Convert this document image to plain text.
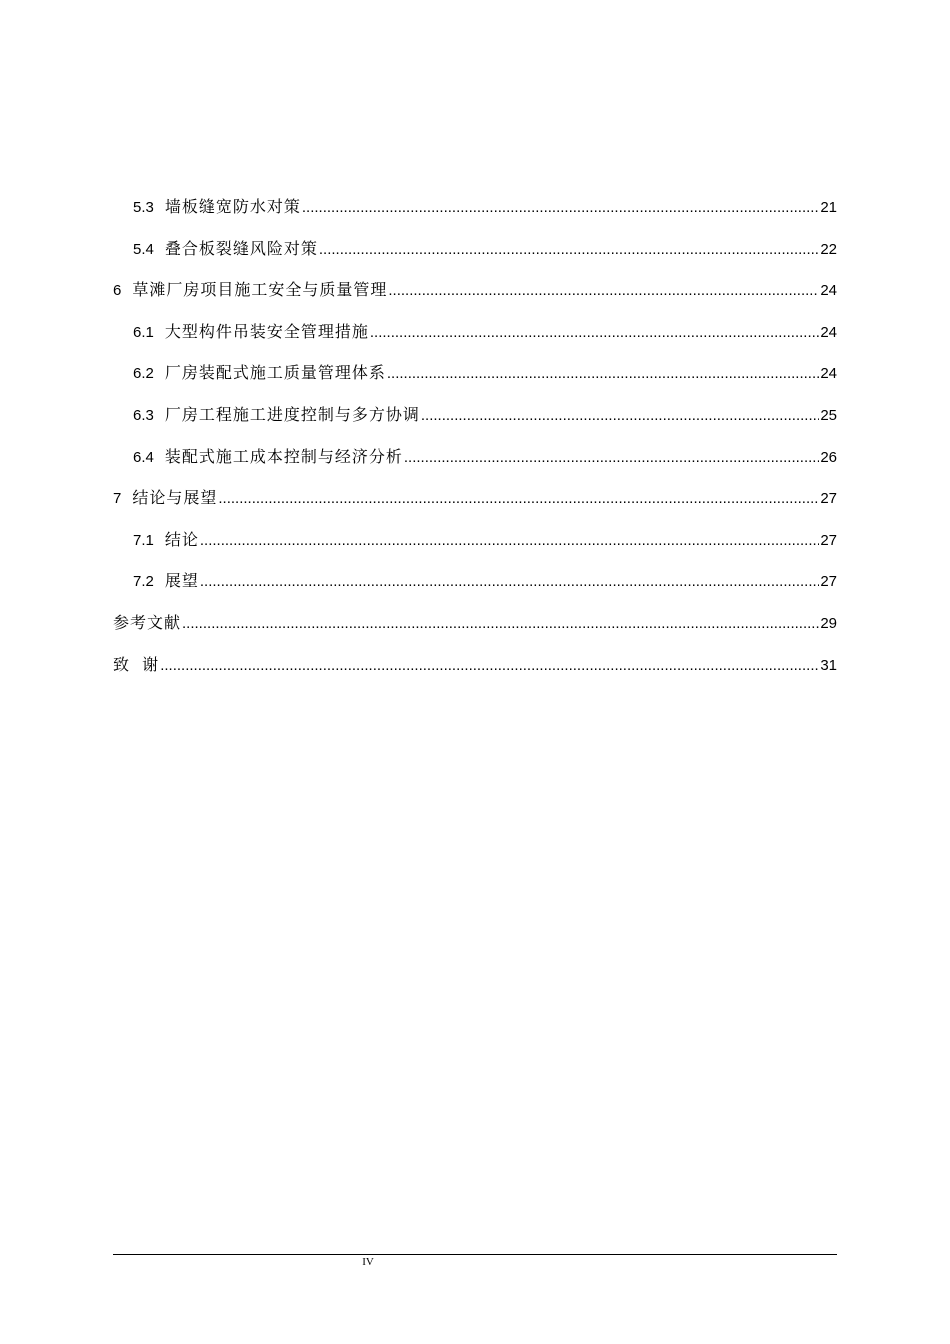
5.3 墙板缝宽防水对策 .....	21
5.4 叠合板裂缝风险对策 .....	22
6 草滩厂房项目施工安全与质量管理 .....	24
6.1 大型构件吊装安全管理措施 .....	24
6.2 厂房装配式施工质量管理体系 .....	24
6.3 厂房工程施工进度控制与多方协调 .....	25
6.4 装配式施工成本控制与经济分析 .....	26
7 结论与展望 .....	27
7.1 结论 .....	27
7.2 展望 .....	27
参考文献 .....	29
致  谢 .....	31
IV
